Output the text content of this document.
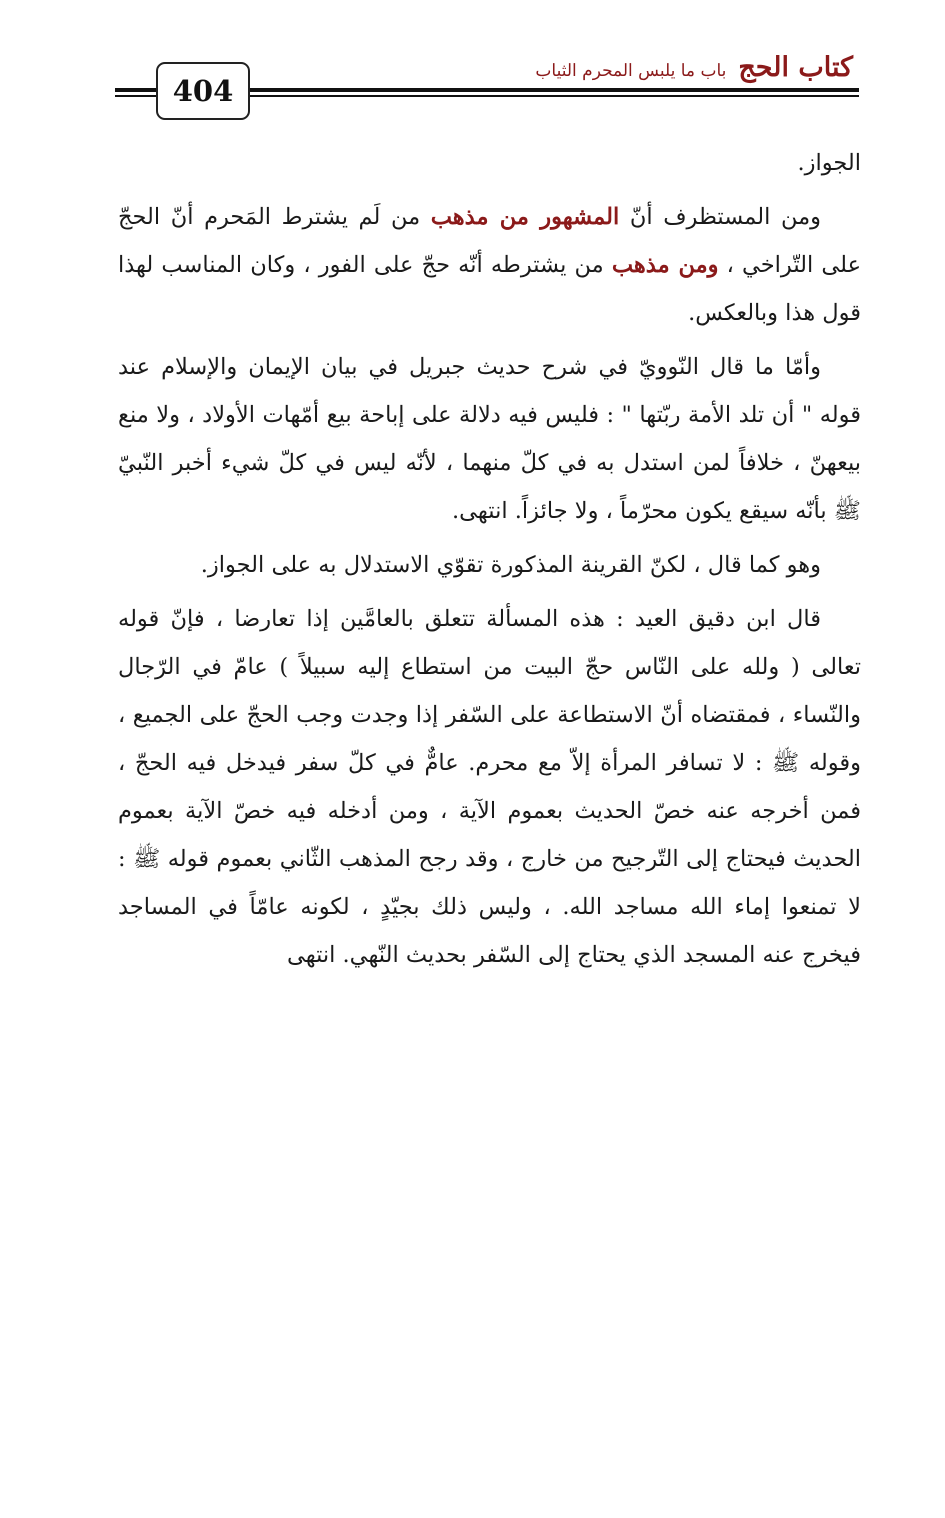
كتاب الحج
باب ما يلبس المحرم الثياب
404

الجواز.

ومن المستظرف أنّ المشهور من مذهب من لَم يشترط المَحرم أنّ الحجّ على التّراخي ، ومن مذهب من يشترطه أنّه حجّ على الفور ، وكان المناسب لهذا قول هذا وبالعكس.

وأمّا ما قال النّوويّ في شرح حديث جبريل في بيان الإيمان والإسلام عند قوله " أن تلد الأمة ربّتها " : فليس فيه دلالة على إباحة بيع أمّهات الأولاد ، ولا منع بيعهنّ ، خلافاً لمن استدل به في كلّ منهما ، لأنّه ليس في كلّ شيء أخبر النّبيّ ﷺ بأنّه سيقع يكون محرّماً ، ولا جائزاً. انتهى.

وهو كما قال ، لكنّ القرينة المذكورة تقوّي الاستدلال به على الجواز.

قال ابن دقيق العيد : هذه المسألة تتعلق بالعامَّين إذا تعارضا ، فإنّ قوله تعالى ( ولله على النّاس حجّ البيت من استطاع إليه سبيلاً ) عامّ في الرّجال والنّساء ، فمقتضاه أنّ الاستطاعة على السّفر إذا وجدت وجب الحجّ على الجميع ، وقوله ﷺ : لا تسافر المرأة إلاّ مع محرم. عامٌّ في كلّ سفر فيدخل فيه الحجّ ، فمن أخرجه عنه خصّ الحديث بعموم الآية ، ومن أدخله فيه خصّ الآية بعموم الحديث فيحتاج إلى التّرجيح من خارج ، وقد رجح المذهب الثّاني بعموم قوله ﷺ : لا تمنعوا إماء الله مساجد الله. ، وليس ذلك بجيّدٍ ، لكونه عامّاً في المساجد فيخرج عنه المسجد الذي يحتاج إلى السّفر بحديث النّهي. انتهى
